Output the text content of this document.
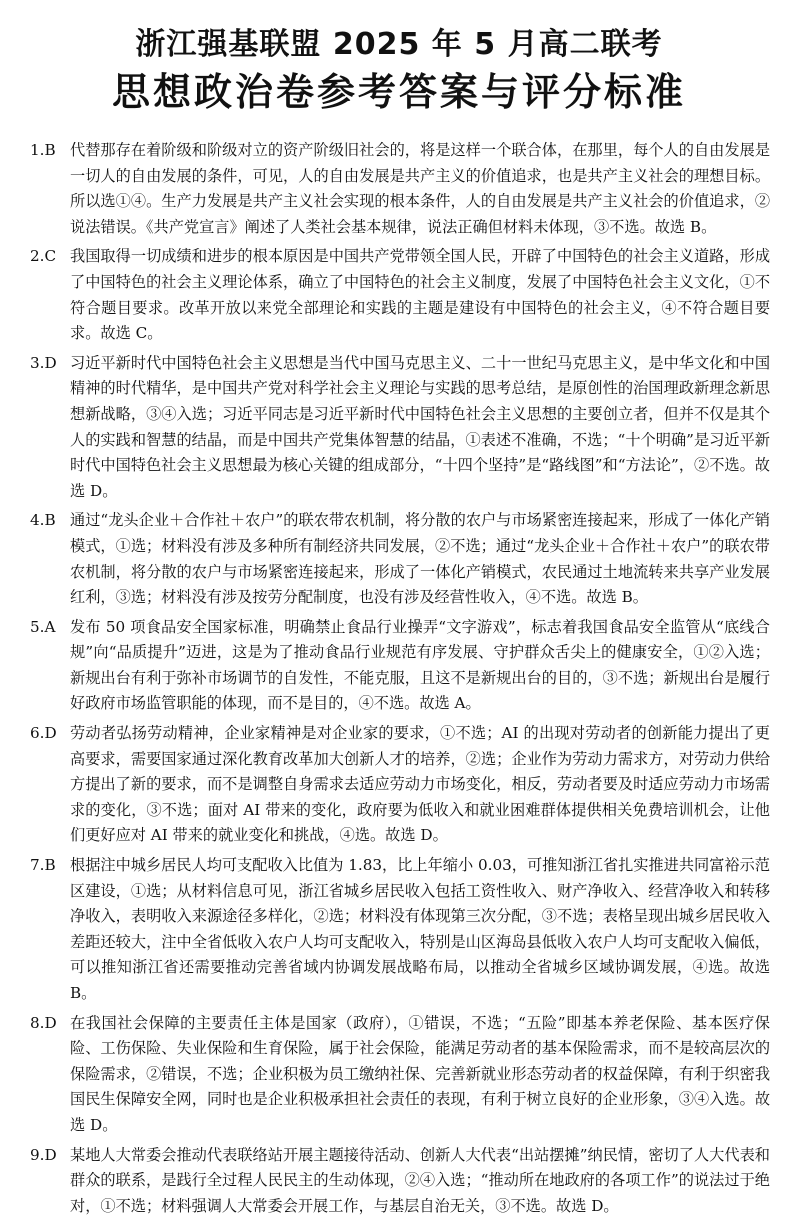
浙江强基联盟 2025 年 5 月高二联考
思想政治卷参考答案与评分标准
1.B 代替那存在着阶级和阶级对立的资产阶级旧社会的，将是这样一个联合体，在那里，每个人的自由发展是一切人的自由发展的条件，可见，人的自由发展是共产主义的价值追求，也是共产主义社会的理想目标。所以选①④。生产力发展是共产主义社会实现的根本条件，人的自由发展是共产主义社会的价值追求，②说法错误。《共产党宣言》阐述了人类社会基本规律，说法正确但材料未体现，③不选。故选 B。
2.C 我国取得一切成绩和进步的根本原因是中国共产党带领全国人民，开辟了中国特色的社会主义道路，形成了中国特色的社会主义理论体系，确立了中国特色的社会主义制度，发展了中国特色社会主义文化，①不符合题目要求。改革开放以来党全部理论和实践的主题是建设有中国特色的社会主义，④不符合题目要求。故选 C。
3.D 习近平新时代中国特色社会主义思想是当代中国马克思主义、二十一世纪马克思主义，是中华文化和中国精神的时代精华，是中国共产党对科学社会主义理论与实践的思考总结，是原创性的治国理政新理念新思想新战略，③④入选；习近平同志是习近平新时代中国特色社会主义思想的主要创立者，但并不仅是其个人的实践和智慧的结晶，而是中国共产党集体智慧的结晶，①表述不准确，不选；“十个明确”是习近平新时代中国特色社会主义思想最为核心关键的组成部分，“十四个坚持”是“路线图”和“方法论”，②不选。故选 D。
4.B 通过“龙头企业＋合作社＋农户”的联农带农机制，将分散的农户与市场紧密连接起来，形成了一体化产销模式，①选；材料没有涉及多种所有制经济共同发展，②不选；通过“龙头企业＋合作社＋农户”的联农带农机制，将分散的农户与市场紧密连接起来，形成了一体化产销模式，农民通过土地流转来共享产业发展红利，③选；材料没有涉及按劳分配制度，也没有涉及经营性收入，④不选。故选 B。
5.A 发布 50 项食品安全国家标准，明确禁止食品行业操弄“文字游戏”，标志着我国食品安全监管从“底线合规”向“品质提升”迈进，这是为了推动食品行业规范有序发展、守护群众舌尖上的健康安全，①②入选；新规出台有利于弥补市场调节的自发性，不能克服，且这不是新规出台的目的，③不选；新规出台是履行好政府市场监管职能的体现，而不是目的，④不选。故选 A。
6.D 劳动者弘扬劳动精神，企业家精神是对企业家的要求，①不选；AI 的出现对劳动者的创新能力提出了更高要求，需要国家通过深化教育改革加大创新人才的培养，②选；企业作为劳动力需求方，对劳动力供给方提出了新的要求，而不是调整自身需求去适应劳动力市场变化，相反，劳动者要及时适应劳动力市场需求的变化，③不选；面对 AI 带来的变化，政府要为低收入和就业困难群体提供相关免费培训机会，让他们更好应对 AI 带来的就业变化和挑战，④选。故选 D。
7.B 根据注中城乡居民人均可支配收入比值为 1.83，比上年缩小 0.03，可推知浙江省扎实推进共同富裕示范区建设，①选；从材料信息可见，浙江省城乡居民收入包括工资性收入、财产净收入、经营净收入和转移净收入，表明收入来源途径多样化，②选；材料没有体现第三次分配，③不选；表格呈现出城乡居民收入差距还较大，注中全省低收入农户人均可支配收入，特别是山区海岛县低收入农户人均可支配收入偏低，可以推知浙江省还需要推动完善省域内协调发展战略布局，以推动全省城乡区域协调发展，④选。故选 B。
8.D 在我国社会保障的主要责任主体是国家（政府），①错误，不选；“五险”即基本养老保险、基本医疗保险、工伤保险、失业保险和生育保险，属于社会保险，能满足劳动者的基本保险需求，而不是较高层次的保险需求，②错误，不选；企业积极为员工缴纳社保、完善新就业形态劳动者的权益保障，有利于织密我国民生保障安全网，同时也是企业积极承担社会责任的表现，有利于树立良好的企业形象，③④入选。故选 D。
9.D 某地人大常委会推动代表联络站开展主题接待活动、创新人大代表“出站摆摊”纳民情，密切了人大代表和群众的联系，是践行全过程人民民主的生动体现，②④入选；“推动所在地政府的各项工作”的说法过于绝对，①不选；材料强调人大常委会开展工作，与基层自治无关，③不选。故选 D。
